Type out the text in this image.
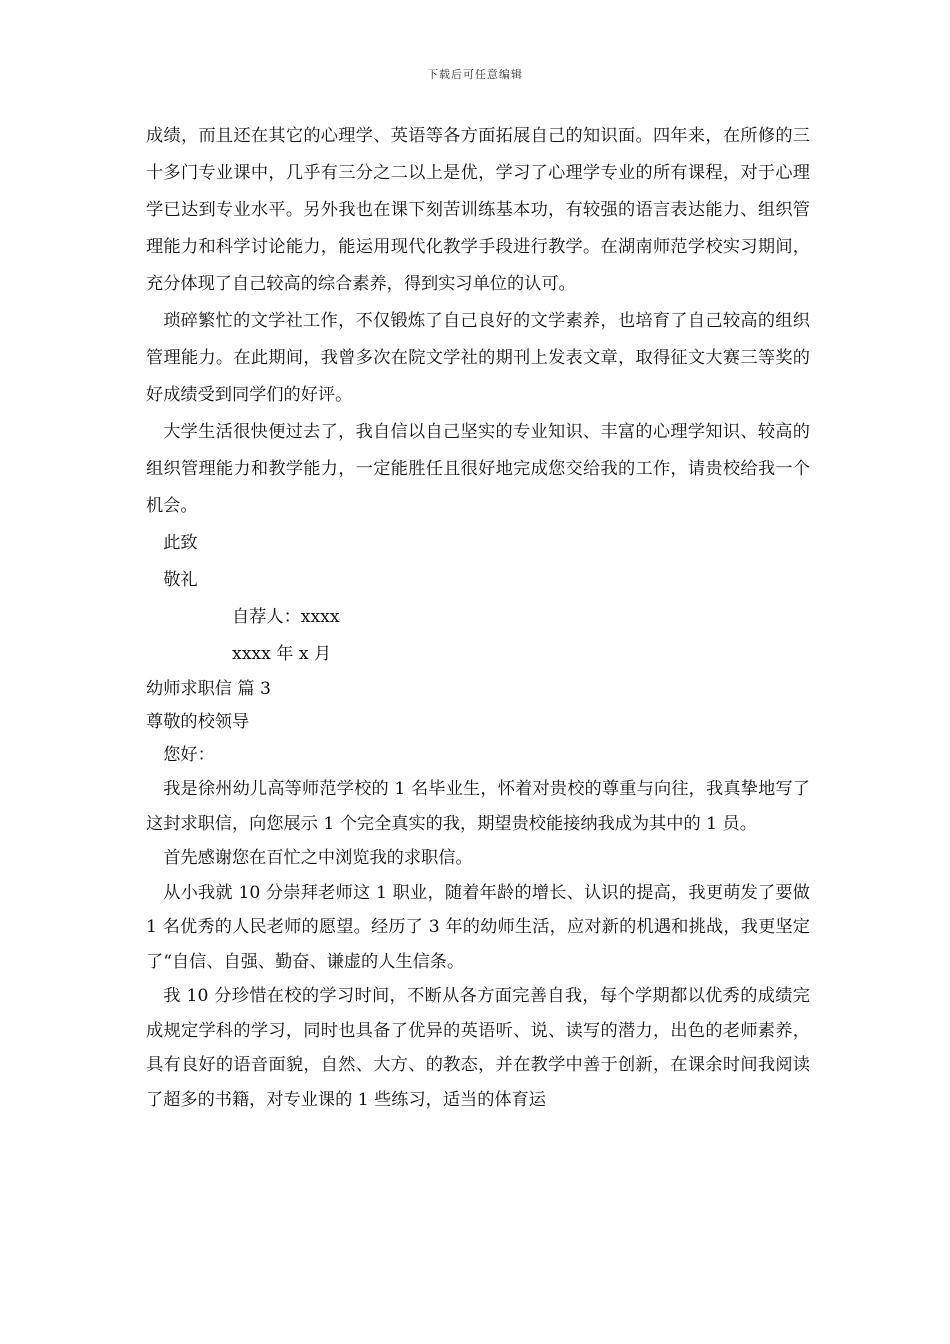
下载后可任意编辑

成绩，而且还在其它的心理学、英语等各方面拓展自己的知识面。四年来，在所修的三十多门专业课中，几乎有三分之二以上是优，学习了心理学专业的所有课程，对于心理学已达到专业水平。另外我也在课下刻苦训练基本功，有较强的语言表达能力、组织管理能力和科学讨论能力，能运用现代化教学手段进行教学。在湖南师范学校实习期间，充分体现了自己较高的综合素养，得到实习单位的认可。

琐碎繁忙的文学社工作，不仅锻炼了自己良好的文学素养，也培育了自己较高的组织管理能力。在此期间，我曾多次在院文学社的期刊上发表文章，取得征文大赛三等奖的好成绩受到同学们的好评。

大学生活很快便过去了，我自信以自己坚实的专业知识、丰富的心理学知识、较高的组织管理能力和教学能力，一定能胜任且很好地完成您交给我的工作，请贵校给我一个机会。

此致

敬礼

自荐人：xxxx

xxxx 年 x 月

幼师求职信 篇 3

尊敬的校领导

您好：

我是徐州幼儿高等师范学校的 1 名毕业生，怀着对贵校的尊重与向往，我真挚地写了这封求职信，向您展示 1 个完全真实的我，期望贵校能接纳我成为其中的 1 员。

首先感谢您在百忙之中浏览我的求职信。

从小我就 10 分崇拜老师这 1 职业，随着年龄的增长、认识的提高，我更萌发了要做 1 名优秀的人民老师的愿望。经历了 3 年的幼师生活，应对新的机遇和挑战，我更坚定了“自信、自强、勤奋、谦虚的人生信条。

我 10 分珍惜在校的学习时间，不断从各方面完善自我，每个学期都以优秀的成绩完成规定学科的学习，同时也具备了优异的英语听、说、读写的潜力，出色的老师素养，具有良好的语音面貌，自然、大方、的教态，并在教学中善于创新，在课余时间我阅读了超多的书籍，对专业课的 1 些练习，适当的体育运
